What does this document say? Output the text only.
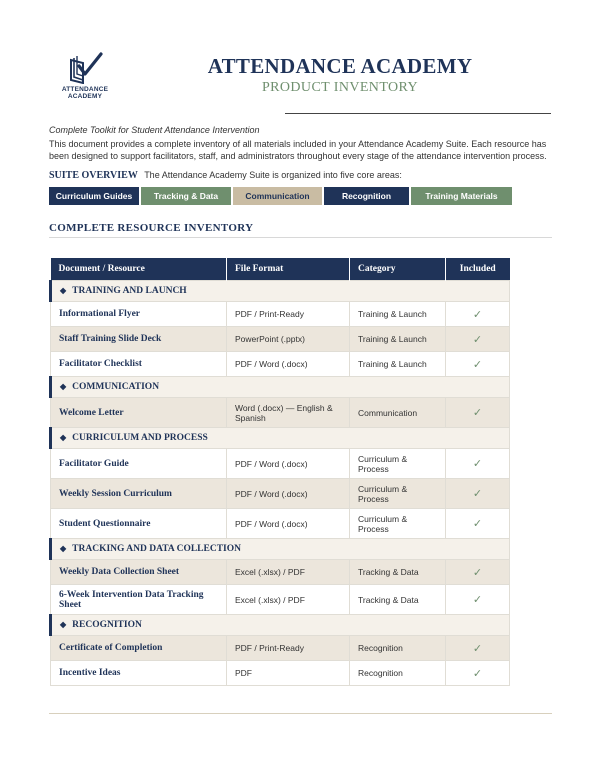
ATTENDANCE
ACADEMY
ATTENDANCE ACADEMY
PRODUCT INVENTORY
Complete Toolkit for Student Attendance Intervention
This document provides a complete inventory of all materials included in your Attendance Academy Suite. Each resource has been designed to support facilitators, staff, and administrators throughout every stage of the attendance intervention process.
SUITE OVERVIEW The Attendance Academy Suite is organized into five core areas:
Curriculum Guides	Tracking & Data	Communication	Recognition	Training Materials
COMPLETE RESOURCE INVENTORY
Document / Resource	File Format	Category	Included
◆ TRAINING AND LAUNCH			
Informational Flyer	PDF / Print-Ready	Training & Launch	✓
Staff Training Slide Deck	PowerPoint (.pptx)	Training & Launch	✓
Facilitator Checklist	PDF / Word (.docx)	Training & Launch	✓
◆ COMMUNICATION			
Welcome Letter	Word (.docx) — English & Spanish	Communication	✓
◆ CURRICULUM AND PROCESS			
Facilitator Guide	PDF / Word (.docx)	Curriculum & Process	✓
Weekly Session Curriculum	PDF / Word (.docx)	Curriculum & Process	✓
Student Questionnaire	PDF / Word (.docx)	Curriculum & Process	✓
◆ TRACKING AND DATA COLLECTION			
Weekly Data Collection Sheet	Excel (.xlsx) / PDF	Tracking & Data	✓
6-Week Intervention Data Tracking Sheet	Excel (.xlsx) / PDF	Tracking & Data	✓
◆ RECOGNITION			
Certificate of Completion	PDF / Print-Ready	Recognition	✓
Incentive Ideas	PDF	Recognition	✓
